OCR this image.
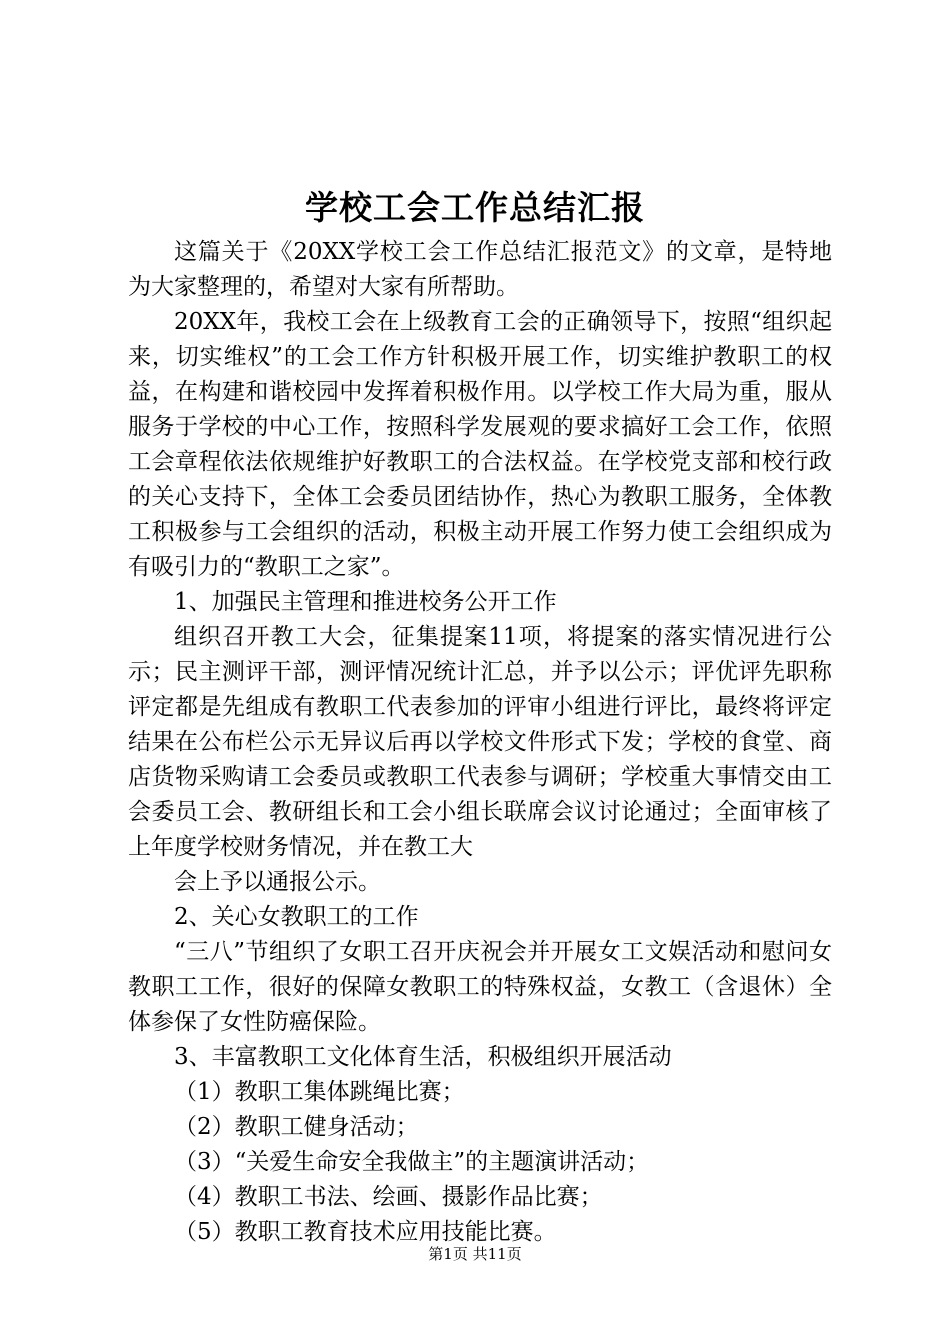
学校工会工作总结汇报

这篇关于《20XX学校工会工作总结汇报范文》的文章，是特地为大家整理的，希望对大家有所帮助。

20XX年，我校工会在上级教育工会的正确领导下，按照“组织起来，切实维权”的工会工作方针积极开展工作，切实维护教职工的权益，在构建和谐校园中发挥着积极作用。以学校工作大局为重，服从服务于学校的中心工作，按照科学发展观的要求搞好工会工作，依照工会章程依法依规维护好教职工的合法权益。在学校党支部和校行政的关心支持下，全体工会委员团结协作，热心为教职工服务，全体教工积极参与工会组织的活动，积极主动开展工作努力使工会组织成为有吸引力的“教职工之家”。

1、加强民主管理和推进校务公开工作

组织召开教工大会，征集提案11项，将提案的落实情况进行公示；民主测评干部，测评情况统计汇总，并予以公示；评优评先职称评定都是先组成有教职工代表参加的评审小组进行评比，最终将评定结果在公布栏公示无异议后再以学校文件形式下发；学校的食堂、商店货物采购请工会委员或教职工代表参与调研；学校重大事情交由工会委员工会、教研组长和工会小组长联席会议讨论通过；全面审核了上年度学校财务情况，并在教工大

会上予以通报公示。

2、关心女教职工的工作

“三八”节组织了女职工召开庆祝会并开展女工文娱活动和慰问女教职工工作，很好的保障女教职工的特殊权益，女教工（含退休）全体参保了女性防癌保险。

3、丰富教职工文化体育生活，积极组织开展活动

（1）教职工集体跳绳比赛；

（2）教职工健身活动；

（3）“关爱生命安全我做主”的主题演讲活动；

（4）教职工书法、绘画、摄影作品比赛；

（5）教职工教育技术应用技能比赛。

第1页 共11页
